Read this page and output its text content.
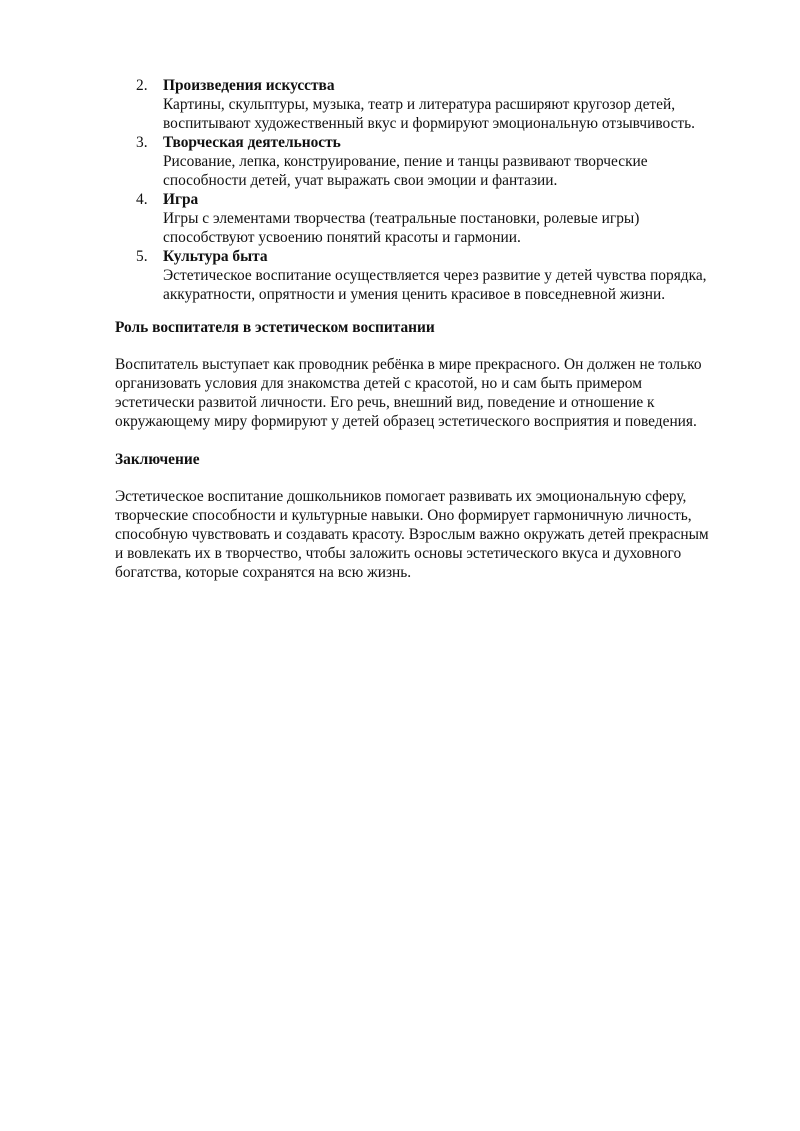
2.	Произведения искусства
Картины, скульптуры, музыка, театр и литература расширяют кругозор детей,
воспитывают художественный вкус и формируют эмоциональную отзывчивость.
3.	Творческая деятельность
Рисование, лепка, конструирование, пение и танцы развивают творческие
способности детей, учат выражать свои эмоции и фантазии.
4.	Игра
Игры с элементами творчества (театральные постановки, ролевые игры)
способствуют усвоению понятий красоты и гармонии.
5.	Культура быта
Эстетическое воспитание осуществляется через развитие у детей чувства порядка,
аккуратности, опрятности и умения ценить красивое в повседневной жизни.
Роль воспитателя в эстетическом воспитании
Воспитатель выступает как проводник ребёнка в мире прекрасного. Он должен не только
организовать условия для знакомства детей с красотой, но и сам быть примером
эстетически развитой личности. Его речь, внешний вид, поведение и отношение к
окружающему миру формируют у детей образец эстетического восприятия и поведения.
Заключение
Эстетическое воспитание дошкольников помогает развивать их эмоциональную сферу,
творческие способности и культурные навыки. Оно формирует гармоничную личность,
способную чувствовать и создавать красоту. Взрослым важно окружать детей прекрасным
и вовлекать их в творчество, чтобы заложить основы эстетического вкуса и духовного
богатства, которые сохранятся на всю жизнь.
